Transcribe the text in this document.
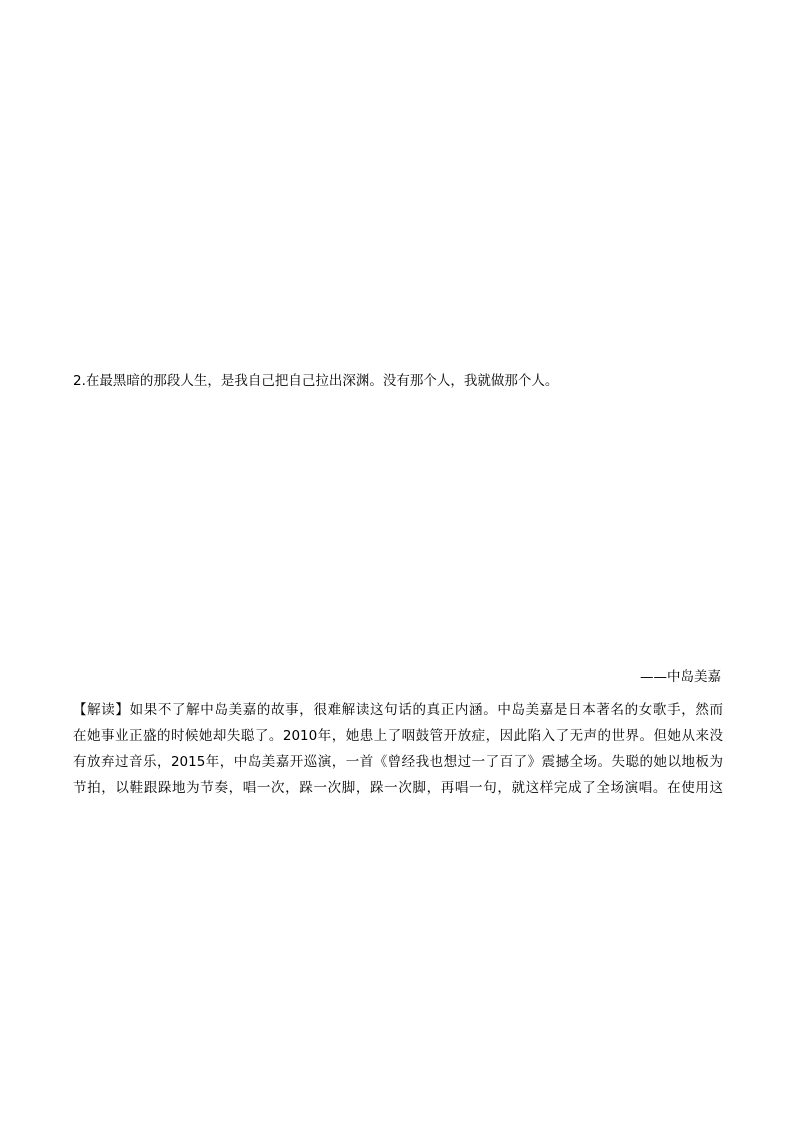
2.在最黑暗的那段人生，是我自己把自己拉出深渊。没有那个人，我就做那个人。

——中岛美嘉

【解读】如果不了解中岛美嘉的故事，很难解读这句话的真正内涵。中岛美嘉是日本著名的女歌手，然而
在她事业正盛的时候她却失聪了。2010年，她患上了咽鼓管开放症，因此陷入了无声的世界。但她从来没
有放弃过音乐，2015年，中岛美嘉开巡演，一首《曾经我也想过一了百了》震撼全场。失聪的她以地板为
节拍，以鞋跟跺地为节奏，唱一次，跺一次脚，跺一次脚，再唱一句，就这样完成了全场演唱。在使用这
